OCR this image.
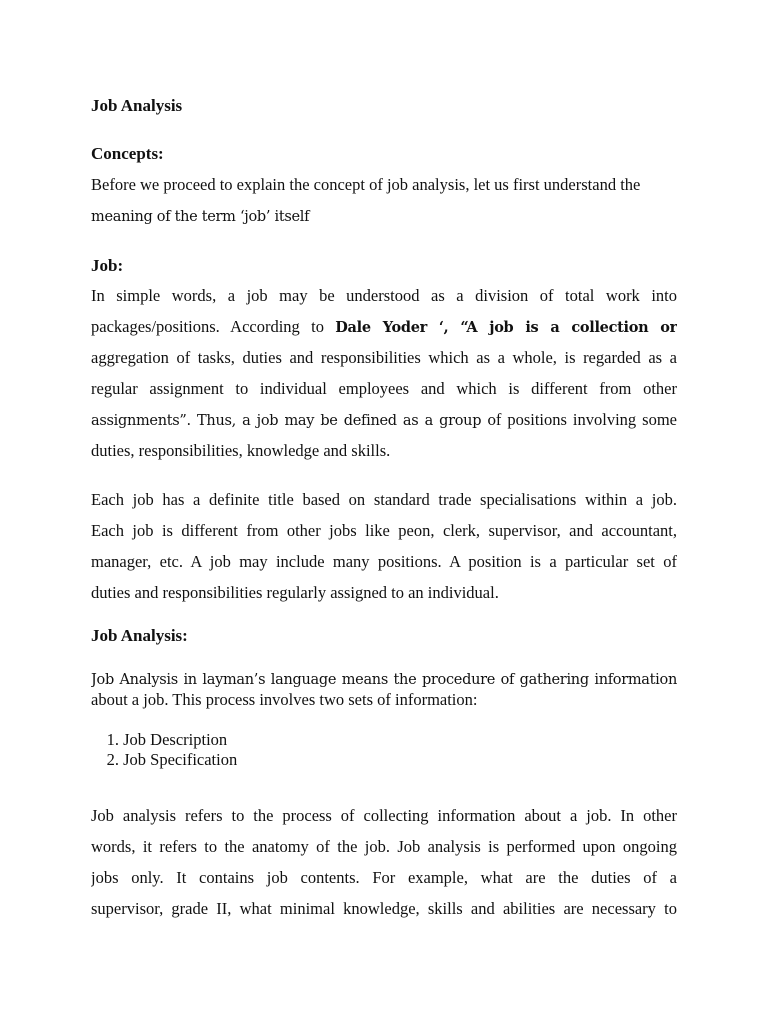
Job Analysis
Concepts:
Before we proceed to explain the concept of job analysis, let us first understand the
meaning of the term ‘job’ itself
Job:
In simple words, a job may be understood as a division of total work into
packages/positions. According to Dale Yoder ‘, “A job is a collection or
aggregation of tasks, duties and responsibilities which as a whole, is regarded as a
regular assignment to individual employees and which is different from other
assignments”. Thus, a job may be defined as a group of positions involving some
duties, responsibilities, knowledge and skills.
Each job has a definite title based on standard trade specialisations within a job.
Each job is different from other jobs like peon, clerk, supervisor, and accountant,
manager, etc. A job may include many positions. A position is a particular set of
duties and responsibilities regularly assigned to an individual.
Job Analysis:
Job Analysis in layman’s language means the procedure of gathering information
about a job. This process involves two sets of information:
1. Job Description
2. Job Specification
Job analysis refers to the process of collecting information about a job. In other
words, it refers to the anatomy of the job. Job analysis is performed upon ongoing
jobs only. It contains job contents. For example, what are the duties of a
supervisor, grade II, what minimal knowledge, skills and abilities are necessary to
